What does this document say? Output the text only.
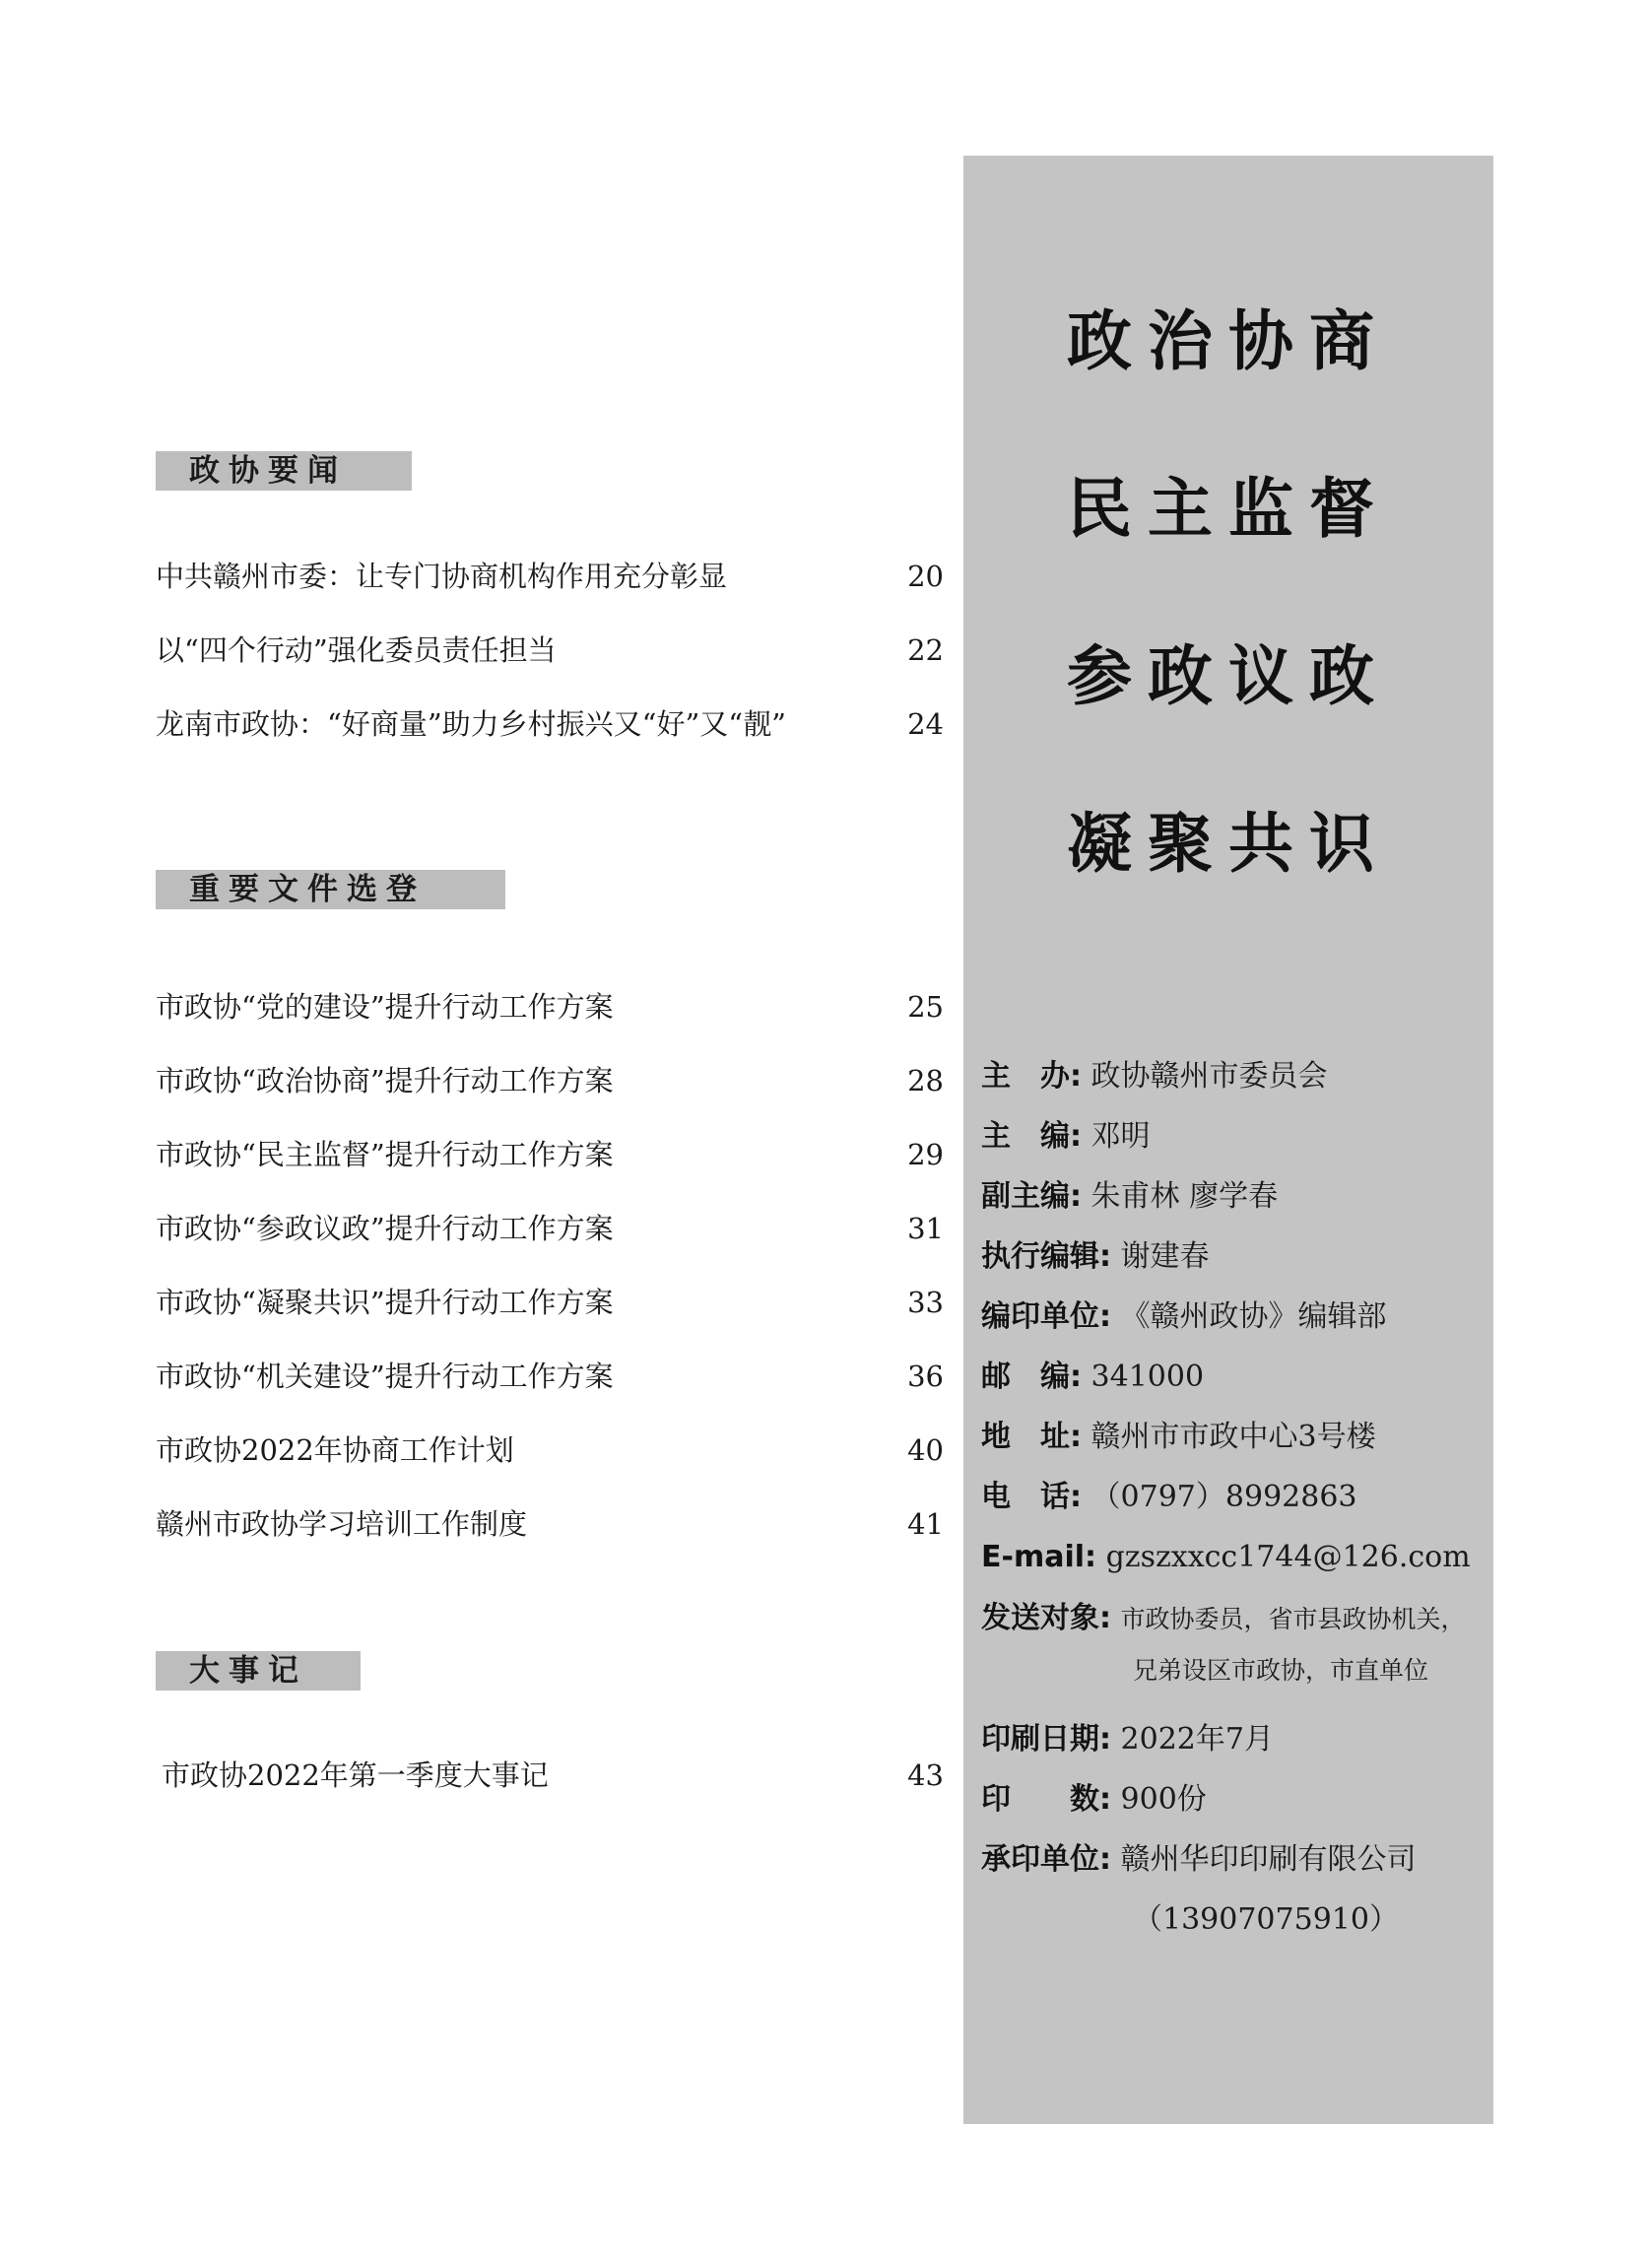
政协要闻
中共赣州市委：让专门协商机构作用充分彰显	20
以“四个行动”强化委员责任担当	22
龙南市政协：“好商量”助力乡村振兴又“好”又“靓”	24
重要文件选登
市政协“党的建设”提升行动工作方案	25
市政协“政治协商”提升行动工作方案	28
市政协“民主监督”提升行动工作方案	29
市政协“参政议政”提升行动工作方案	31
市政协“凝聚共识”提升行动工作方案	33
市政协“机关建设”提升行动工作方案	36
市政协2022年协商工作计划	40
赣州市政协学习培训工作制度	41
大事记
市政协2022年第一季度大事记	43
政治协商
民主监督
参政议政
凝聚共识
主　办: 政协赣州市委员会
主　编: 邓明
副主编: 朱甫林 廖学春
执行编辑: 谢建春
编印单位: 《赣州政协》编辑部
邮　编: 341000
地　址: 赣州市市政中心3号楼
电　话: （0797）8992863
E-mail: gzszxxcc1744@126.com
发送对象: 市政协委员，省市县政协机关，
兄弟设区市政协，市直单位
印刷日期: 2022年7月
印　　数: 900份
承印单位: 赣州华印印刷有限公司
（13907075910）
